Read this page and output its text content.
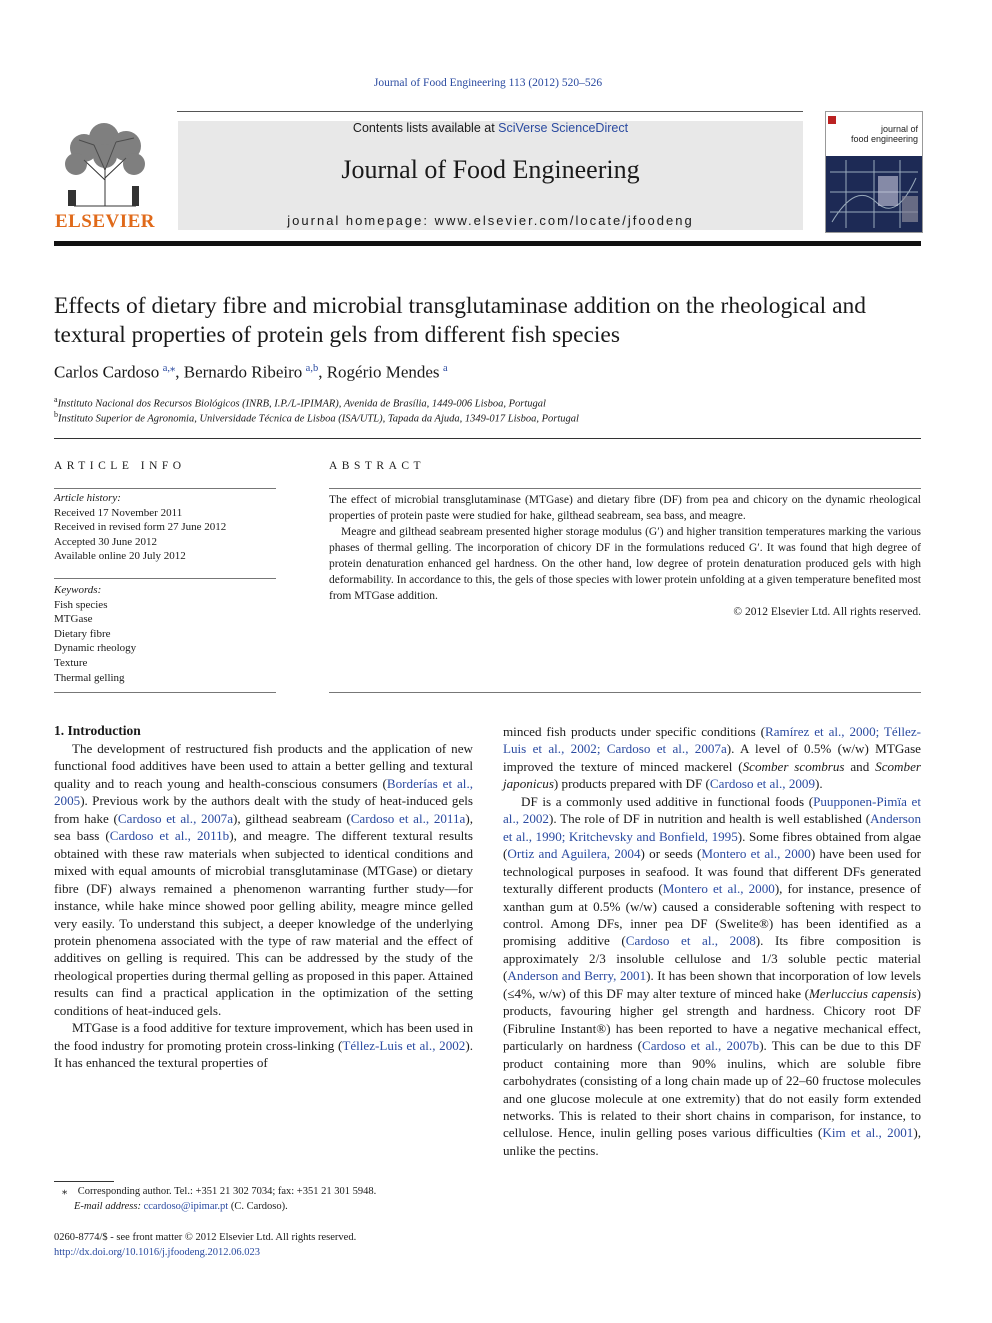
Journal of Food Engineering 113 (2012) 520–526
ELSEVIER
Contents lists available at SciVerse ScienceDirect
Journal of Food Engineering
journal homepage: www.elsevier.com/locate/jfoodeng
journal of
food engineering
Effects of dietary fibre and microbial transglutaminase addition on the rheological and textural properties of protein gels from different fish species
Carlos Cardoso  $^{a,⁎}$, Bernardo Ribeiro  $^{a,b}$, Rogério Mendes  $^a$
$^a$Instituto Nacional dos Recursos Biológicos (INRB, I.P./L-IPIMAR), Avenida de Brasília, 1449-006 Lisboa, Portugal
$^b$Instituto Superior de Agronomia, Universidade Técnica de Lisboa (ISA/UTL), Tapada da Ajuda, 1349-017 Lisboa, Portugal
ARTICLE INFO
Article history:
Received 17 November 2011
Received in revised form 27 June 2012
Accepted 30 June 2012
Available online 20 July 2012
Keywords:
Fish species
MTGase
Dietary fibre
Dynamic rheology
Texture
Thermal gelling
ABSTRACT

The effect of microbial transglutaminase (MTGase) and dietary fibre (DF) from pea and chicory on the dynamic rheological properties of protein paste were studied for hake, gilthead seabream, sea bass, and meagre.

Meagre and gilthead seabream presented higher storage modulus (G′) and higher transition temperatures marking the various phases of thermal gelling. The incorporation of chicory DF in the formulations reduced G′. It was found that high degree of protein denaturation enhanced gel hardness. On the other hand, low degree of protein denaturation produced gels with high deformability. In accordance to this, the gels of those species with lower protein unfolding at a given temperature benefited most from MTGase addition.

© 2012 Elsevier Ltd. All rights reserved.

1. Introduction

The development of restructured fish products and the application of new functional food additives have been used to attain a better gelling and textural quality and to reach young and health-conscious consumers (Borderías et al., 2005). Previous work by the authors dealt with the study of heat-induced gels from hake (Cardoso et al., 2007a), gilthead seabream (Cardoso et al., 2011a), sea bass (Cardoso et al., 2011b), and meagre. The different textural results obtained with these raw materials when subjected to identical conditions and mixed with equal amounts of microbial transglutaminase (MTGase) or dietary fibre (DF) always remained a phenomenon warranting further study—for instance, while hake mince showed poor gelling ability, meagre mince gelled very easily. To understand this subject, a deeper knowledge of the underlying protein phenomena associated with the type of raw material and the effect of additives on gelling is required. This can be addressed by the study of the rheological properties during thermal gelling as proposed in this paper. Attained results can find a practical application in the optimization of the setting conditions of heat-induced gels.

MTGase is a food additive for texture improvement, which has been used in the food industry for promoting protein cross-linking (Téllez-Luis et al., 2002). It has enhanced the textural properties of

minced fish products under specific conditions (Ramírez et al., 2000; Téllez-Luis et al., 2002; Cardoso et al., 2007a). A level of 0.5% (w/w) MTGase improved the texture of minced mackerel (Scomber scombrus and Scomber japonicus) products prepared with DF (Cardoso et al., 2009).

DF is a commonly used additive in functional foods (Puupponen-Pimïa et al., 2002). The role of DF in nutrition and health is well established (Anderson et al., 1990; Kritchevsky and Bonfield, 1995). Some fibres obtained from algae (Ortiz and Aguilera, 2004) or seeds (Montero et al., 2000) have been used for technological purposes in seafood. It was found that different DFs generated texturally different products (Montero et al., 2000), for instance, presence of xanthan gum at 0.5% (w/w) caused a considerable softening with respect to control. Among DFs, inner pea DF (Swelite®) has been identified as a promising additive (Cardoso et al., 2008). Its fibre composition is approximately 2/3 insoluble cellulose and 1/3 soluble pectic material (Anderson and Berry, 2001). It has been shown that incorporation of low levels (≤4%, w/w) of this DF may alter texture of minced hake (Merluccius capensis) products, favouring higher gel strength and hardness. Chicory root DF (Fibruline Instant®) has been reported to have a negative mechanical effect, particularly on hardness (Cardoso et al., 2007b). This can be due to this DF product containing more than 90% inulins, which are soluble fibre carbohydrates (consisting of a long chain made up of 22–60 fructose molecules and one glucose molecule at one extremity) that do not easily form extended networks. This is related to their short chains in comparison, for instance, to cellulose. Hence, inulin gelling poses various difficulties (Kim et al., 2001), unlike the pectins.

⁎  Corresponding author. Tel.: +351 21 302 7034; fax: +351 21 301 5948.
E-mail address: ccardoso@ipimar.pt (C. Cardoso).
0260-8774/$ - see front matter © 2012 Elsevier Ltd. All rights reserved.
http://dx.doi.org/10.1016/j.jfoodeng.2012.06.023
